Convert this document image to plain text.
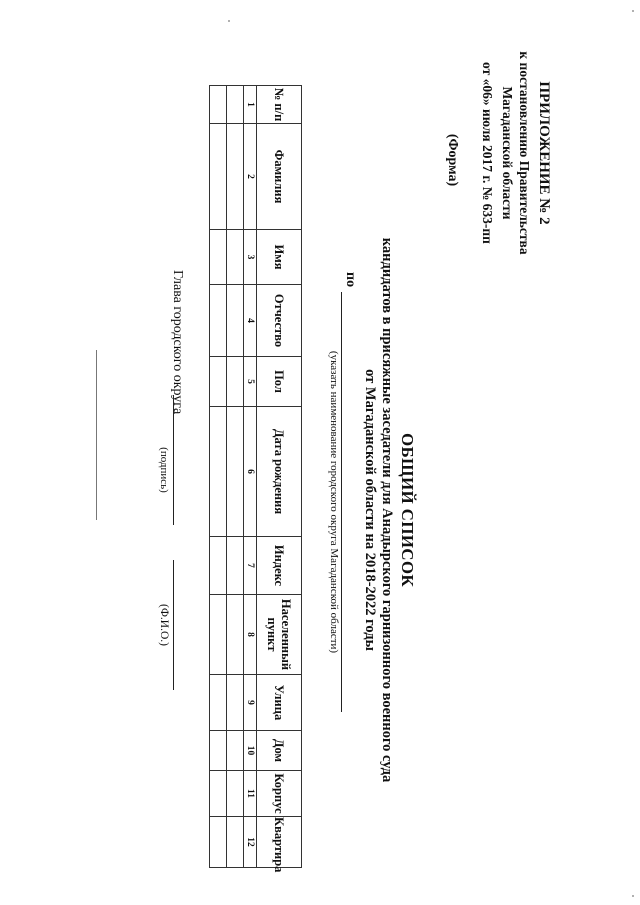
ПРИЛОЖЕНИЕ № 2
к постановлению Правительства
Магаданской области
от «06» июля 2017 г. № 633-пп
(Форма)
ОБЩИЙ СПИСОК
кандидатов в присяжные заседатели для Анадырского гарнизонного военного суда
от Магаданской области на 2018-2022 годы
по
(указать наименование городского округа Магаданской области)
№ п/п	Фамилия	Имя	Отчество	Пол	Дата рождения	Индекс	Населенный пункт	Улица	Дом	Корпус	Квартира
1	2	3	4	5	6	7	8	9	10	11	12

Глава городского округа
(подпись)
(Ф.И.О.)
